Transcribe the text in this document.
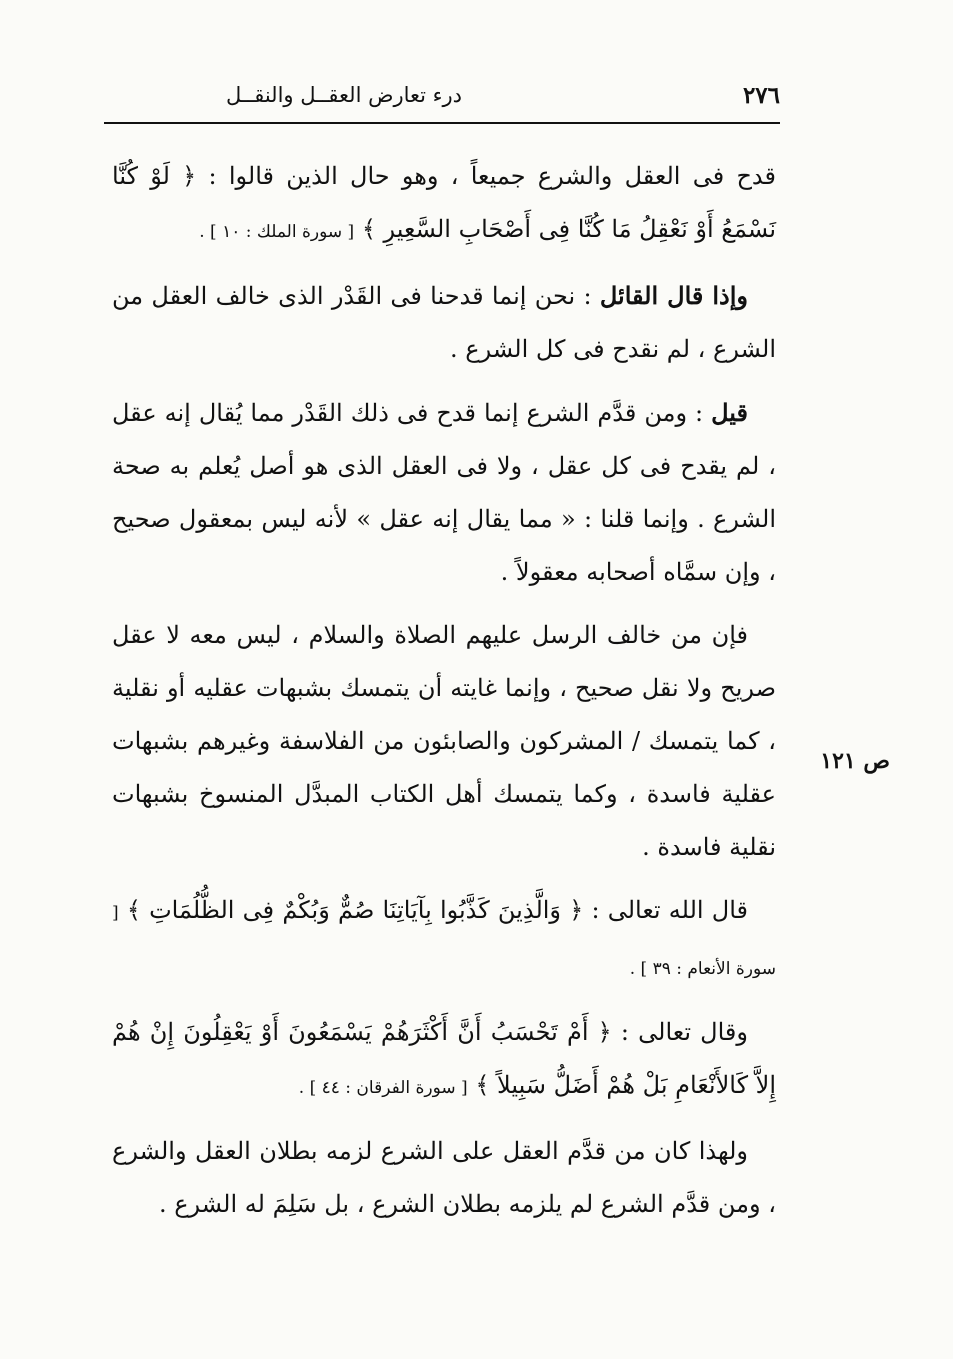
٢٧٦
درء تعارض العقــل والنقــل
ص ١٢١

قدح فى العقل والشرع جميعاً ، وهو حال الذين قالوا : ﴿ لَوْ كُنَّا نَسْمَعُ أَوْ نَعْقِلُ مَا كُنَّا فِى أَصْحَابِ السَّعِيرِ ﴾ [ سورة الملك : ١٠ ] .

وإذا قال القائل : نحن إنما قدحنا فى القَدْر الذى خالف العقل من الشرع ، لم نقدح فى كل الشرع .

قيل : ومن قدَّم الشرع إنما قدح فى ذلك القَدْر مما يُقال إنه عقل ، لم يقدح فى كل عقل ، ولا فى العقل الذى هو أصل يُعلم به صحة الشرع . وإنما قلنا : « مما يقال إنه عقل » لأنه ليس بمعقول صحيح ، وإن سمَّاه أصحابه معقولاً .

فإن من خالف الرسل عليهم الصلاة والسلام ، ليس معه لا عقل صريح ولا نقل صحيح ، وإنما غايته أن يتمسك بشبهات عقليه أو نقلية ، كما يتمسك / المشركون والصابئون من الفلاسفة وغيرهم بشبهات عقلية فاسدة ، وكما يتمسك أهل الكتاب المبدَّل المنسوخ بشبهات نقلية فاسدة .

قال الله تعالى : ﴿ وَالَّذِينَ كَذَّبُوا بِآيَاتِنَا صُمٌّ وَبُكْمٌ فِى الظُّلُمَاتِ ﴾ [ سورة الأنعام : ٣٩ ] .

وقال تعالى : ﴿ أَمْ تَحْسَبُ أَنَّ أَكْثَرَهُمْ يَسْمَعُونَ أَوْ يَعْقِلُونَ إِنْ هُمْ إِلاَّ كَالأَنْعَامِ بَلْ هُمْ أَضَلُّ سَبِيلاً ﴾ [ سورة الفرقان : ٤٤ ] .

ولهذا كان من قدَّم العقل على الشرع لزمه بطلان العقل والشرع ، ومن قدَّم الشرع لم يلزمه بطلان الشرع ، بل سَلِمَ له الشرع .
